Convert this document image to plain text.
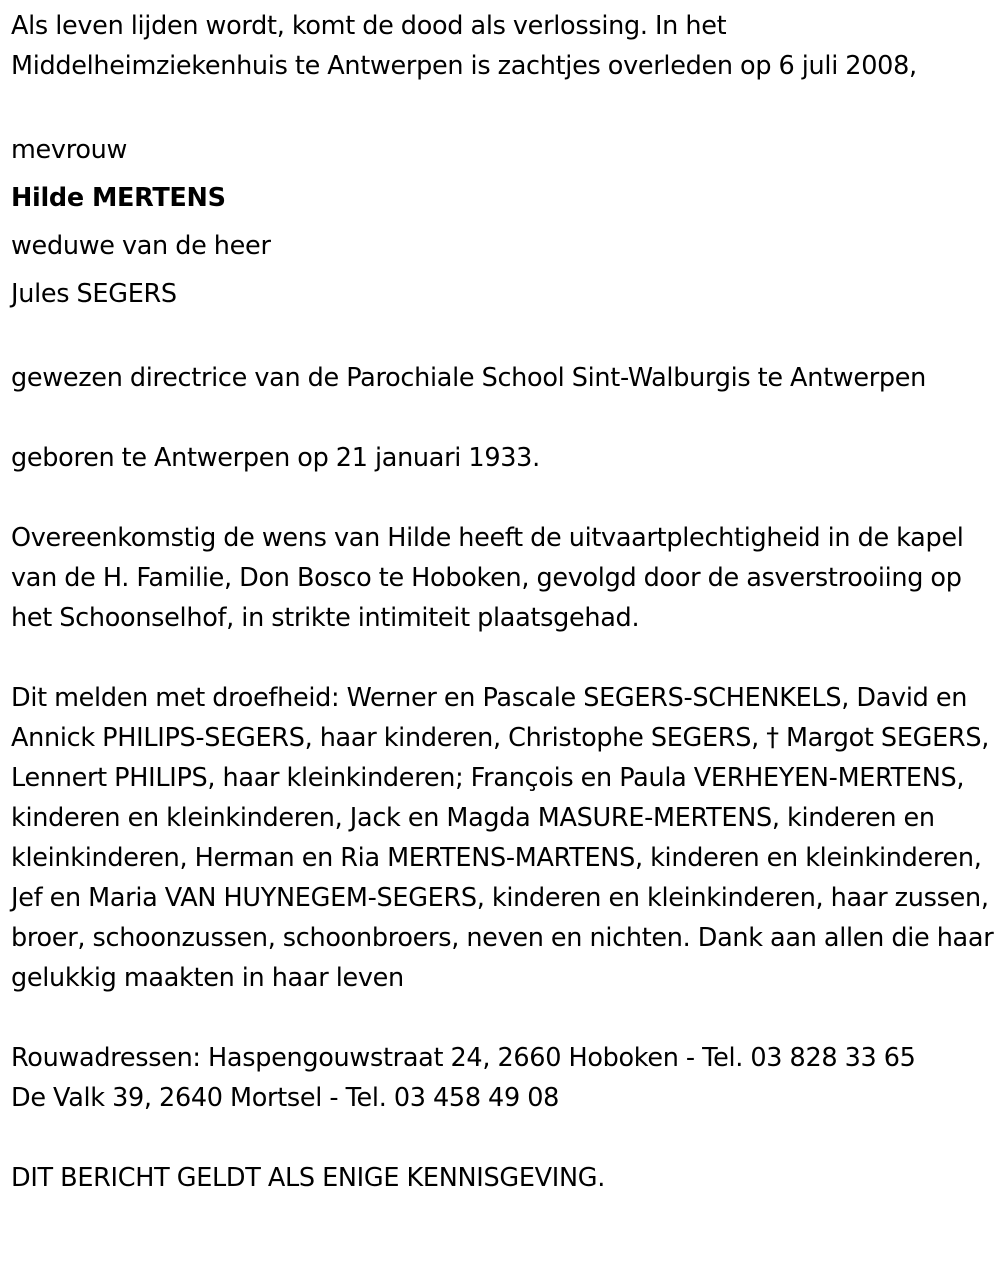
Als leven lijden wordt, komt de dood als verlossing. In het Middelheimziekenhuis te Antwerpen is zachtjes overleden op 6 juli 2008,

mevrouw

Hilde MERTENS

weduwe van de heer

Jules SEGERS

gewezen directrice van de Parochiale School Sint-Walburgis te Antwerpen

geboren te Antwerpen op 21 januari 1933.

Overeenkomstig de wens van Hilde heeft de uitvaartplechtigheid in de kapel van de H. Familie, Don Bosco te Hoboken, gevolgd door de asverstrooiing op het Schoonselhof, in strikte intimiteit plaatsgehad.

Dit melden met droefheid: Werner en Pascale SEGERS-SCHENKELS, David en Annick PHILIPS-SEGERS, haar kinderen, Christophe SEGERS, † Margot SEGERS, Lennert PHILIPS, haar kleinkinderen; François en Paula VERHEYEN-MERTENS, kinderen en kleinkinderen, Jack en Magda MASURE-MERTENS, kinderen en kleinkinderen, Herman en Ria MERTENS-MARTENS, kinderen en kleinkinderen, Jef en Maria VAN HUYNEGEM-SEGERS, kinderen en kleinkinderen, haar zussen, broer, schoonzussen, schoonbroers, neven en nichten. Dank aan allen die haar gelukkig maakten in haar leven

Rouwadressen: Haspengouwstraat 24, 2660 Hoboken - Tel. 03 828 33 65

De Valk 39, 2640 Mortsel - Tel. 03 458 49 08

DIT BERICHT GELDT ALS ENIGE KENNISGEVING.
